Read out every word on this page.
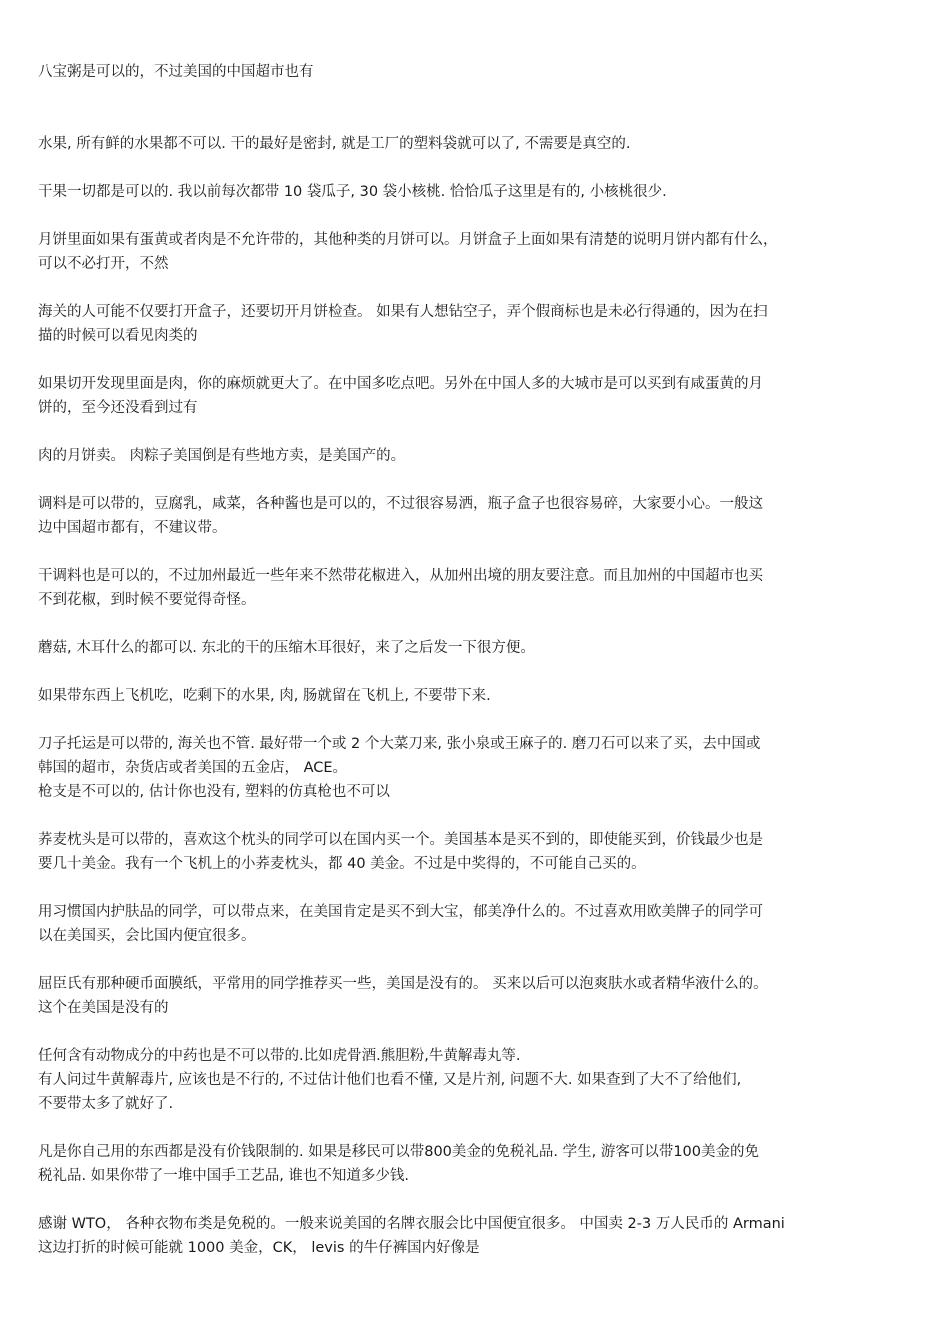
八宝粥是可以的，不过美国的中国超市也有

水果, 所有鲜的水果都不可以. 干的最好是密封, 就是工厂的塑料袋就可以了, 不需要是真空的.

干果一切都是可以的. 我以前每次都带 10 袋瓜子, 30 袋小核桃. 恰恰瓜子这里是有的, 小核桃很少.

月饼里面如果有蛋黄或者肉是不允许带的，其他种类的月饼可以。月饼盒子上面如果有清楚的说明月饼内都有什么，
可以不必打开，不然

海关的人可能不仅要打开盒子，还要切开月饼检查。 如果有人想钻空子，弄个假商标也是未必行得通的，因为在扫
描的时候可以看见肉类的

如果切开发现里面是肉，你的麻烦就更大了。在中国多吃点吧。另外在中国人多的大城市是可以买到有咸蛋黄的月
饼的，至今还没看到过有

肉的月饼卖。 肉粽子美国倒是有些地方卖，是美国产的。

调料是可以带的，豆腐乳，咸菜，各种酱也是可以的，不过很容易洒，瓶子盒子也很容易碎，大家要小心。一般这
边中国超市都有，不建议带。

干调料也是可以的，不过加州最近一些年来不然带花椒进入，从加州出境的朋友要注意。而且加州的中国超市也买
不到花椒，到时候不要觉得奇怪。

蘑菇, 木耳什么的都可以. 东北的干的压缩木耳很好，来了之后发一下很方便。

如果带东西上飞机吃，吃剩下的水果, 肉, 肠就留在飞机上, 不要带下来.

刀子托运是可以带的, 海关也不管. 最好带一个或 2 个大菜刀来, 张小泉或王麻子的. 磨刀石可以来了买，去中国或
韩国的超市，杂货店或者美国的五金店， ACE。
枪支是不可以的, 估计你也没有, 塑料的仿真枪也不可以

荞麦枕头是可以带的，喜欢这个枕头的同学可以在国内买一个。美国基本是买不到的，即使能买到，价钱最少也是
要几十美金。我有一个飞机上的小荞麦枕头，都 40 美金。不过是中奖得的，不可能自己买的。

用习惯国内护肤品的同学，可以带点来，在美国肯定是买不到大宝，郁美净什么的。不过喜欢用欧美牌子的同学可
以在美国买，会比国内便宜很多。

屈臣氏有那种硬币面膜纸，平常用的同学推荐买一些，美国是没有的。 买来以后可以泡爽肤水或者精华液什么的。
这个在美国是没有的

任何含有动物成分的中药也是不可以带的.比如虎骨酒.熊胆粉,牛黄解毒丸等.
有人问过牛黄解毒片, 应该也是不行的, 不过估计他们也看不懂, 又是片剂, 问题不大. 如果查到了大不了给他们,
不要带太多了就好了.

凡是你自己用的东西都是没有价钱限制的. 如果是移民可以带800美金的免税礼品. 学生, 游客可以带100美金的免
税礼品. 如果你带了一堆中国手工艺品, 谁也不知道多少钱.

感谢 WTO， 各种衣物布类是免税的。一般来说美国的名牌衣服会比中国便宜很多。 中国卖 2-3 万人民币的 Armani
这边打折的时候可能就 1000 美金，CK， levis 的牛仔裤国内好像是
